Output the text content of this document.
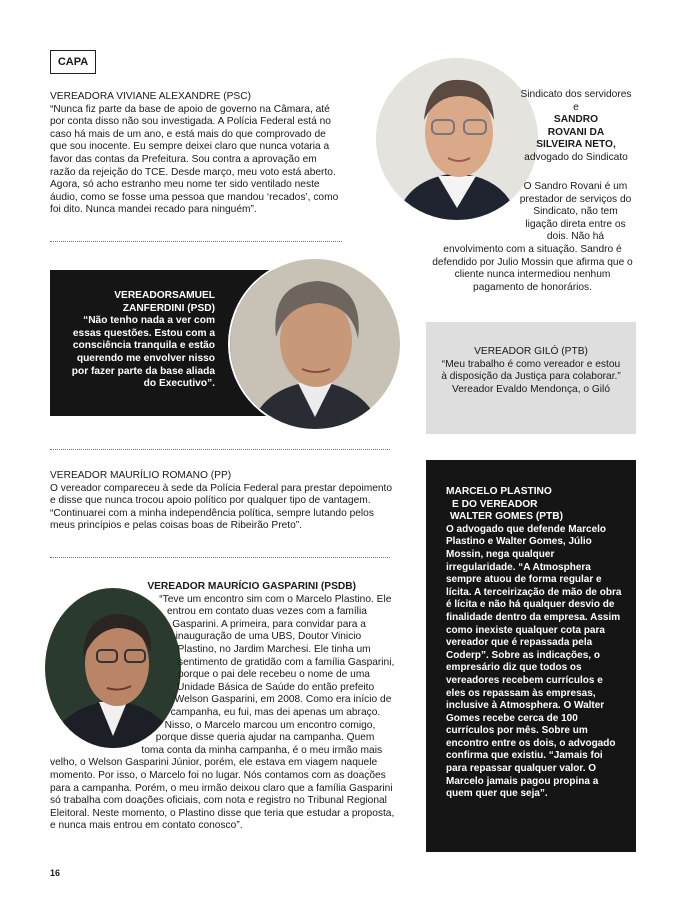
CAPA

VEREADORA VIVIANE ALEXANDRE (PSC)

“Nunca fiz parte da base de apoio de governo na Câmara, até por conta disso não sou investigada. A Polícia Federal está no caso há mais de um ano, e está mais do que comprovado de que sou inocente. Eu sempre deixei claro que nunca votaria a favor das contas da Prefeitura. Sou contra a aprovação em razão da rejeição do TCE. Desde março, meu voto está aberto. Agora, só acho estranho meu nome ter sido ventilado neste áudio, como se fosse uma pessoa que mandou ‘recados’, como foi dito. Nunca mandei recado para ninguém”.

Sindicato dos servidores e
SANDRO ROVANI DA SILVEIRA NETO, advogado do Sindicato

O Sandro Rovani é um prestador de serviços do Sindicato, não tem ligação direta entre os dois. Não há envolvimento com a situação. Sandro é defendido por Julio Mossin que afirma que o cliente nunca intermediou nenhum pagamento de honorários.

VEREADORSAMUEL ZANFERDINI (PSD)

“Não tenho nada a ver com essas questões. Estou com a consciência tranquila e estão querendo me envolver nisso por fazer parte da base aliada do Executivo”.

VEREADOR GILÓ (PTB)

“Meu trabalho é como vereador e estou à disposição da Justiça para colaborar.”

Vereador Evaldo Mendonça, o Giló

VEREADOR MAURÍLIO ROMANO (PP)

O vereador compareceu à sede da Polícia Federal para prestar depoimento e disse que nunca trocou apoio político por qualquer tipo de vantagem. “Continuarei com a minha independência política, sempre lutando pelos meus princípios e pelas coisas boas de Ribeirão Preto”.

MARCELO PLASTINO

E DO VEREADOR

WALTER GOMES (PTB)

O advogado que defende Marcelo Plastino e Walter Gomes, Júlio Mossin, nega qualquer irregularidade. “A Atmosphera sempre atuou de forma regular e lícita. A terceirização de mão de obra é lícita e não há qualquer desvio de finalidade dentro da empresa. Assim como inexiste qualquer cota para vereador que é repassada pela Coderp”. Sobre as indicações, o empresário diz que todos os vereadores recebem currículos e eles os repassam às empresas, inclusive à Atmosphera. O Walter Gomes recebe cerca de 100 currículos por mês. Sobre um encontro entre os dois, o advogado confirma que existiu. “Jamais foi para repassar qualquer valor. O Marcelo jamais pagou propina a quem quer que seja”.

VEREADOR MAURÍCIO GASPARINI (PSDB)

“Teve um encontro sim com o Marcelo Plastino. Ele entrou em contato duas vezes com a família Gasparini. A primeira, para convidar para a inauguração de uma UBS, Doutor Vinicio Plastino, no Jardim Marchesi. Ele tinha um sentimento de gratidão com a família Gasparini, porque o pai dele recebeu o nome de uma Unidade Básica de Saúde do então prefeito Welson Gasparini, em 2008. Como era início de campanha, eu fui, mas dei apenas um abraço. Nisso, o Marcelo marcou um encontro comigo, porque disse queria ajudar na campanha. Quem toma conta da minha campanha, é o meu irmão mais velho, o Welson Gasparini Júnior, porém, ele estava em viagem naquele momento. Por isso, o Marcelo foi no lugar. Nós contamos com as doações para a campanha. Porém, o meu irmão deixou claro que a família Gasparini só trabalha com doações oficiais, com nota e registro no Tribunal Regional Eleitoral. Neste momento, o Plastino disse que teria que estudar a proposta, e nunca mais entrou em contato conosco”.

16
